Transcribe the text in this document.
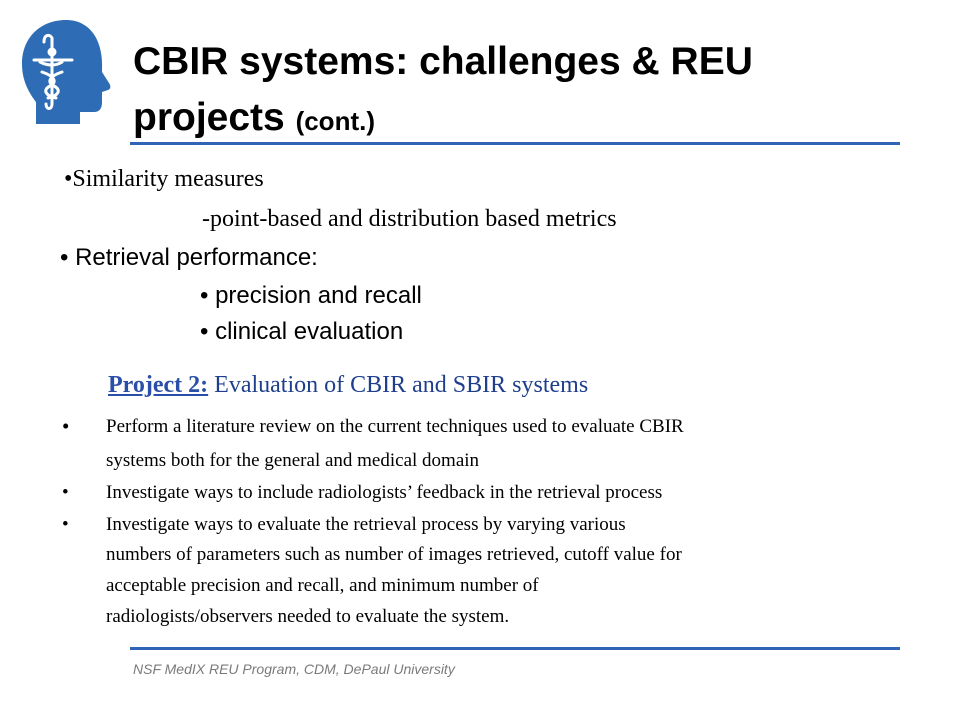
CBIR systems: challenges & REU
projects (cont.)
•Similarity measures
-point-based and distribution based metrics
• Retrieval performance:
• precision and recall
• clinical evaluation
Project 2: Evaluation of CBIR and SBIR systems
• Perform a literature review on the current techniques used to evaluate CBIR
systems both for the general and medical domain
• Investigate ways to include radiologists’ feedback in the retrieval process
• Investigate ways to evaluate the retrieval process by varying various
numbers of parameters such as number of images retrieved, cutoff value for
acceptable precision and recall, and minimum number of
radiologists/observers needed to evaluate the system.
NSF MedIX REU Program, CDM, DePaul University
